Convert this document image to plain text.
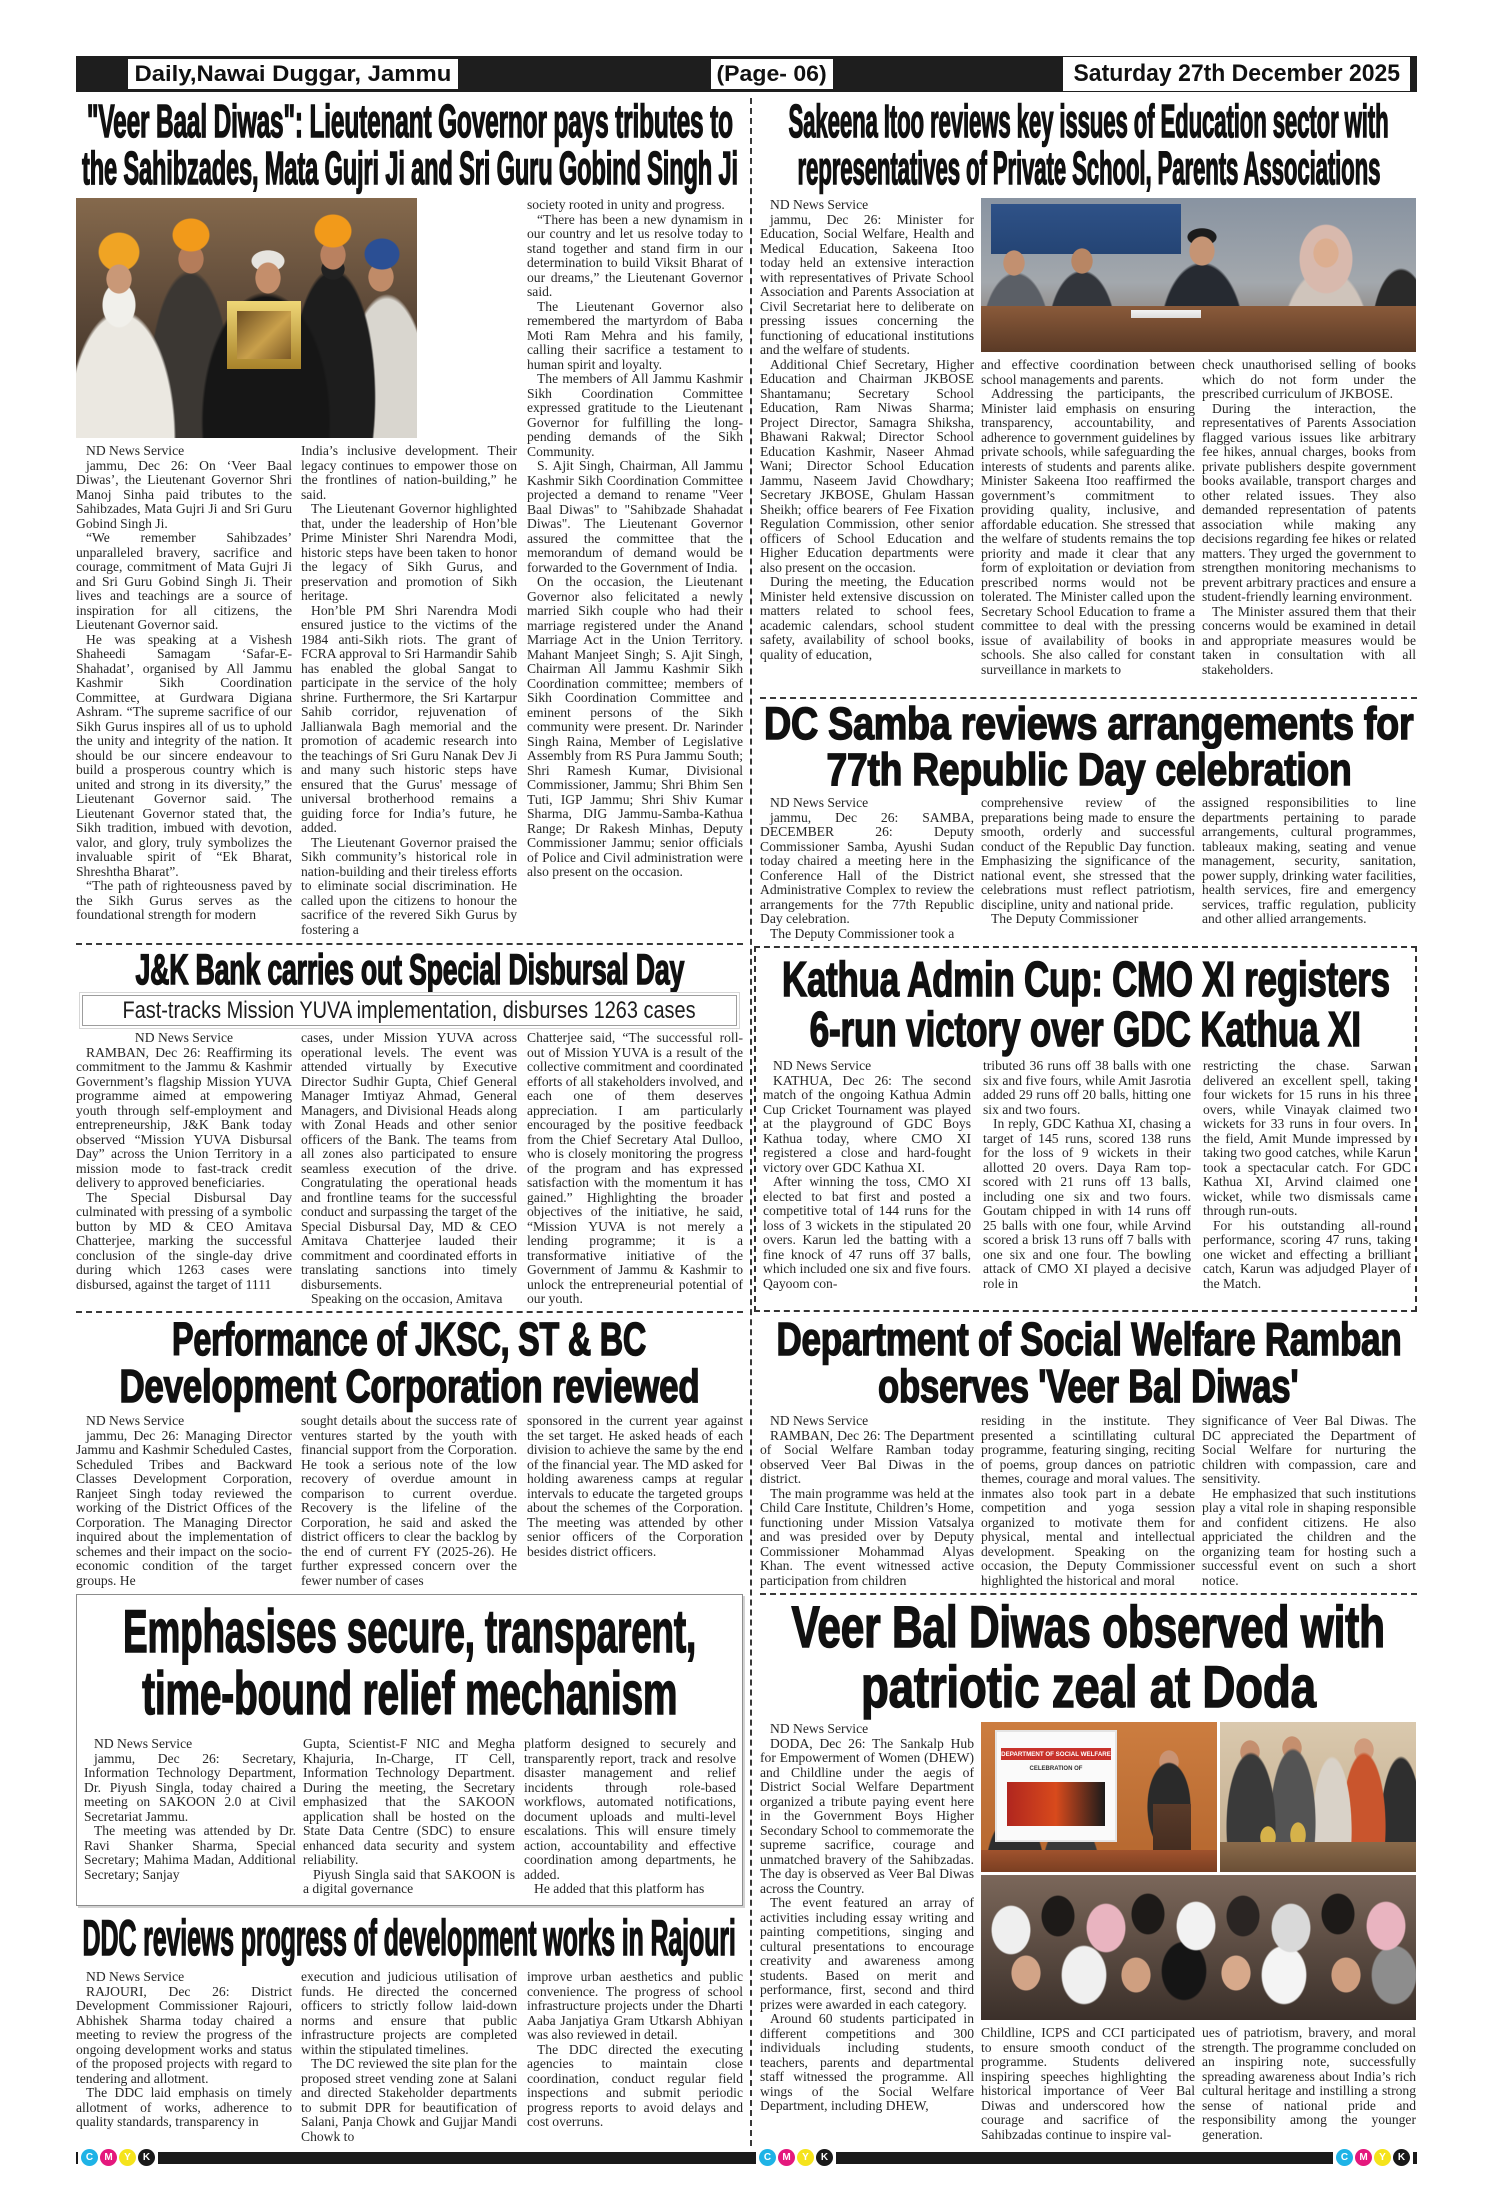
Daily,Nawai Duggar, Jammu	(Page- 06)	Saturday 27th December 2025
"Veer Baal Diwas": Lieutenant Governor pays tributes to
the Sahibzades, Mata Gujri Ji and Sri Guru Gobind Singh Ji
ND News Service

jammu, Dec 26: On ‘Veer Baal Diwas’, the Lieutenant Governor Shri Manoj Sinha paid tributes to the Sahibzades, Mata Gujri Ji and Sri Guru Gobind Singh Ji.

“We remember Sahibzades’ unparalleled bravery, sacrifice and courage, commitment of Mata Gujri Ji and Sri Guru Gobind Singh Ji. Their lives and teachings are a source of inspiration for all citizens, the Lieutenant Governor said.

He was speaking at a Vishesh Shaheedi Samagam ‘Safar-E-Shahadat’, organised by All Jammu Kashmir Sikh Coordination Committee, at Gurdwara Digiana Ashram. “The supreme sacrifice of our Sikh Gurus inspires all of us to uphold the unity and integrity of the nation. It should be our sincere endeavour to build a prosperous country which is united and strong in its diversity,” the Lieutenant Governor said. The Lieutenant Governor stated that, the Sikh tradition, imbued with devotion, valor, and glory, truly symbolizes the invaluable spirit of “Ek Bharat, Shreshtha Bharat”.

“The path of righteousness paved by the Sikh Gurus serves as the foundational strength for modern

India’s inclusive development. Their legacy continues to empower those on the frontlines of nation-building,” he said.

The Lieutenant Governor highlighted that, under the leadership of Hon’ble Prime Minister Shri Narendra Modi, historic steps have been taken to honor the legacy of Sikh Gurus, and preservation and promotion of Sikh heritage.

Hon’ble PM Shri Narendra Modi ensured justice to the victims of the 1984 anti-Sikh riots. The grant of FCRA approval to Sri Harmandir Sahib has enabled the global Sangat to participate in the service of the holy shrine. Furthermore, the Sri Kartarpur Sahib corridor, rejuvenation of Jallianwala Bagh memorial and the promotion of academic research into the teachings of Sri Guru Nanak Dev Ji and many such historic steps have ensured that the Gurus' message of universal brotherhood remains a guiding force for India’s future, he added.

The Lieutenant Governor praised the Sikh community’s historical role in nation-building and their tireless efforts to eliminate social discrimination. He called upon the citizens to honour the sacrifice of the revered Sikh Gurus by fostering a

society rooted in unity and progress.

“There has been a new dynamism in our country and let us resolve today to stand together and stand firm in our determination to build Viksit Bharat of our dreams,” the Lieutenant Governor said.

The Lieutenant Governor also remembered the martyrdom of Baba Moti Ram Mehra and his family, calling their sacrifice a testament to human spirit and loyalty.

The members of All Jammu Kashmir Sikh Coordination Committee expressed gratitude to the Lieutenant Governor for fulfilling the long-pending demands of the Sikh Community.

S. Ajit Singh, Chairman, All Jammu Kashmir Sikh Coordination Committee projected a demand to rename "Veer Baal Diwas" to "Sahibzade Shahadat Diwas". The Lieutenant Governor assured the committee that the memorandum of demand would be forwarded to the Government of India.

On the occasion, the Lieutenant Governor also felicitated a newly married Sikh couple who had their marriage registered under the Anand Marriage Act in the Union Territory. Mahant Manjeet Singh; S. Ajit Singh, Chairman All Jammu Kashmir Sikh Coordination committee; members of Sikh Coordination Committee and eminent persons of the Sikh community were present. Dr. Narinder Singh Raina, Member of Legislative Assembly from RS Pura Jammu South; Shri Ramesh Kumar, Divisional Commissioner, Jammu; Shri Bhim Sen Tuti, IGP Jammu; Shri Shiv Kumar Sharma, DIG Jammu-Samba-Kathua Range; Dr Rakesh Minhas, Deputy Commissioner Jammu; senior officials of Police and Civil administration were also present on the occasion.

Sakeena Itoo reviews key issues of Education sector with
representatives of Private School, Parents Associations
ND News Service

jammu, Dec 26: Minister for Education, Social Welfare, Health and Medical Education, Sakeena Itoo today held an extensive interaction with representatives of Private School Association and Parents Association at Civil Secretariat here to deliberate on pressing issues concerning the functioning of educational institutions and the welfare of students.

Additional Chief Secretary, Higher Education and Chairman JKBOSE Shantamanu; Secretary School Education, Ram Niwas Sharma; Project Director, Samagra Shiksha, Bhawani Rakwal; Director School Education Kashmir, Naseer Ahmad Wani; Director School Education Jammu, Naseem Javid Chowdhary; Secretary JKBOSE, Ghulam Hassan Sheikh; office bearers of Fee Fixation Regulation Commission, other senior officers of School Education and Higher Education departments were also present on the occasion.

During the meeting, the Education Minister held extensive discussion on matters related to school fees, academic calendars, school student safety, availability of school books, quality of education,

and effective coordination between school managements and parents.

Addressing the participants, the Minister laid emphasis on ensuring transparency, accountability, and adherence to government guidelines by private schools, while safeguarding the interests of students and parents alike. Minister Sakeena Itoo reaffirmed the government’s commitment to providing quality, inclusive, and affordable education. She stressed that the welfare of students remains the top priority and made it clear that any form of exploitation or deviation from prescribed norms would not be tolerated. The Minister called upon the Secretary School Education to frame a committee to deal with the pressing issue of availability of books in schools. She also called for constant surveillance in markets to

check unauthorised selling of books which do not form under the prescribed curriculum of JKBOSE.

During the interaction, the representatives of Parents Association flagged various issues like arbitrary fee hikes, annual charges, books from private publishers despite government books available, transport charges and other related issues. They also demanded representation of patents association while making any decisions regarding fee hikes or related matters. They urged the government to strengthen monitoring mechanisms to prevent arbitrary practices and ensure a student-friendly learning environment.

The Minister assured them that their concerns would be examined in detail and appropriate measures would be taken in consultation with all stakeholders.

DC Samba reviews arrangements for
77th Republic Day celebration
ND News Service

jammu, Dec 26: SAMBA, DECEMBER 26: Deputy Commissioner Samba, Ayushi Sudan today chaired a meeting here in the Conference Hall of the District Administrative Complex to review the arrangements for the 77th Republic Day celebration.

The Deputy Commissioner took a

comprehensive review of the preparations being made to ensure the smooth, orderly and successful conduct of the Republic Day function. Emphasizing the significance of the national event, she stressed that the celebrations must reflect patriotism, discipline, unity and national pride.

The Deputy Commissioner

assigned responsibilities to line departments pertaining to parade arrangements, cultural programmes, tableaux making, seating and venue management, security, sanitation, power supply, drinking water facilities, health services, fire and emergency services, traffic regulation, publicity and other allied arrangements.

J&K Bank carries out Special Disbursal Day
Fast-tracks Mission YUVA implementation, disburses 1263 cases
ND News Service

RAMBAN, Dec 26: Reaffirming its commitment to the Jammu & Kashmir Government’s flagship Mission YUVA programme aimed at empowering youth through self-employment and entrepreneurship, J&K Bank today observed “Mission YUVA Disbursal Day” across the Union Territory in a mission mode to fast-track credit delivery to approved beneficiaries.

The Special Disbursal Day culminated with pressing of a symbolic button by MD & CEO Amitava Chatterjee, marking the successful conclusion of the single-day drive during which 1263 cases were disbursed, against the target of 1111

cases, under Mission YUVA across operational levels. The event was attended virtually by Executive Director Sudhir Gupta, Chief General Manager Imtiyaz Ahmad, General Managers, and Divisional Heads along with Zonal Heads and other senior officers of the Bank. The teams from all zones also participated to ensure seamless execution of the drive. Congratulating the operational heads and frontline teams for the successful conduct and surpassing the target of the Special Disbursal Day, MD & CEO Amitava Chatterjee lauded their commitment and coordinated efforts in translating sanctions into timely disbursements.

Speaking on the occasion, Amitava

Chatterjee said, “The successful roll-out of Mission YUVA is a result of the collective commitment and coordinated efforts of all stakeholders involved, and each one of them deserves appreciation. I am particularly encouraged by the positive feedback from the Chief Secretary Atal Dulloo, who is closely monitoring the progress of the program and has expressed satisfaction with the momentum it has gained.” Highlighting the broader objectives of the initiative, he said, “Mission YUVA is not merely a lending programme; it is a transformative initiative of the Government of Jammu & Kashmir to unlock the entrepreneurial potential of our youth.

Kathua Admin Cup: CMO XI registers
6-run victory over GDC Kathua XI
ND News Service

KATHUA, Dec 26: The second match of the ongoing Kathua Admin Cup Cricket Tournament was played at the playground of GDC Boys Kathua today, where CMO XI registered a close and hard-fought victory over GDC Kathua XI.

After winning the toss, CMO XI elected to bat first and posted a competitive total of 144 runs for the loss of 3 wickets in the stipulated 20 overs. Karun led the batting with a fine knock of 47 runs off 37 balls, which included one six and five fours. Qayoom con-

tributed 36 runs off 38 balls with one six and five fours, while Amit Jasrotia added 29 runs off 20 balls, hitting one six and two fours.

In reply, GDC Kathua XI, chasing a target of 145 runs, scored 138 runs for the loss of 9 wickets in their allotted 20 overs. Daya Ram top-scored with 21 runs off 13 balls, including one six and two fours. Goutam chipped in with 14 runs off 25 balls with one four, while Arvind scored a brisk 13 runs off 7 balls with one six and one four. The bowling attack of CMO XI played a decisive role in

restricting the chase. Sarwan delivered an excellent spell, taking four wickets for 15 runs in his three overs, while Vinayak claimed two wickets for 33 runs in four overs. In the field, Amit Munde impressed by taking two good catches, while Karun took a spectacular catch. For GDC Kathua XI, Arvind claimed one wicket, while two dismissals came through run-outs.

For his outstanding all-round performance, scoring 47 runs, taking one wicket and effecting a brilliant catch, Karun was adjudged Player of the Match.

Performance of JKSC, ST & BC
Development Corporation reviewed
ND News Service

jammu, Dec 26: Managing Director Jammu and Kashmir Scheduled Castes, Scheduled Tribes and Backward Classes Development Corporation, Ranjeet Singh today reviewed the working of the District Offices of the Corporation. The Managing Director inquired about the implementation of schemes and their impact on the socio-economic condition of the target groups. He

sought details about the success rate of ventures started by the youth with financial support from the Corporation. He took a serious note of the low recovery of overdue amount in comparison to current overdue. Recovery is the lifeline of the Corporation, he said and asked the district officers to clear the backlog by the end of current FY (2025-26). He further expressed concern over the fewer number of cases

sponsored in the current year against the set target. He asked heads of each division to achieve the same by the end of the financial year. The MD asked for holding awareness camps at regular intervals to educate the targeted groups about the schemes of the Corporation. The meeting was attended by other senior officers of the Corporation besides district officers.

Department of Social Welfare Ramban
observes 'Veer Bal Diwas'
ND News Service

RAMBAN, Dec 26: The Department of Social Welfare Ramban today observed Veer Bal Diwas in the district.

The main programme was held at the Child Care Institute, Children’s Home, functioning under Mission Vatsalya and was presided over by Deputy Commissioner Mohammad Alyas Khan. The event witnessed active participation from children

residing in the institute. They presented a scintillating cultural programme, featuring singing, reciting of poems, group dances on patriotic themes, courage and moral values. The inmates also took part in a debate competition and yoga session organized to motivate them for physical, mental and intellectual development. Speaking on the occasion, the Deputy Commissioner highlighted the historical and moral

significance of Veer Bal Diwas. The DC appreciated the Department of Social Welfare for nurturing the children with compassion, care and sensitivity.

He emphasized that such institutions play a vital role in shaping responsible and confident citizens. He also appriciated the children and the organizing team for hosting such a successful event on such a short notice.

Emphasises secure, transparent,
time-bound relief mechanism
ND News Service

jammu, Dec 26: Secretary, Information Technology Department, Dr. Piyush Singla, today chaired a meeting on SAKOON 2.0 at Civil Secretariat Jammu.

The meeting was attended by Dr. Ravi Shanker Sharma, Special Secretary; Mahima Madan, Additional Secretary; Sanjay

Gupta, Scientist-F NIC and Megha Khajuria, In-Charge, IT Cell, Information Technology Department. During the meeting, the Secretary emphasized that the SAKOON application shall be hosted on the State Data Centre (SDC) to ensure enhanced data security and system reliability.

Piyush Singla said that SAKOON is a digital governance

platform designed to securely and transparently report, track and resolve disaster management and relief incidents through role-based workflows, automated notifications, document uploads and multi-level escalations. This will ensure timely action, accountability and effective coordination among departments, he added.

He added that this platform has

DDC reviews progress of development works in Rajouri
ND News Service

RAJOURI, Dec 26: District Development Commissioner Rajouri, Abhishek Sharma today chaired a meeting to review the progress of the ongoing development works and status of the proposed projects with regard to tendering and allotment.

The DDC laid emphasis on timely allotment of works, adherence to quality standards, transparency in

execution and judicious utilisation of funds. He directed the concerned officers to strictly follow laid-down norms and ensure that public infrastructure projects are completed within the stipulated timelines.

The DC reviewed the site plan for the proposed street vending zone at Salani and directed Stakeholder departments to submit DPR for beautification of Salani, Panja Chowk and Gujjar Mandi Chowk to

improve urban aesthetics and public convenience. The progress of school infrastructure projects under the Dharti Aaba Janjatiya Gram Utkarsh Abhiyan was also reviewed in detail.

The DDC directed the executing agencies to maintain close coordination, conduct regular field inspections and submit periodic progress reports to avoid delays and cost overruns.

Veer Bal Diwas observed with
patriotic zeal at Doda
ND News Service

DODA, Dec 26: The Sankalp Hub for Empowerment of Women (DHEW) and Childline under the aegis of District Social Welfare Department organized a tribute paying event here in the Government Boys Higher Secondary School to commemorate the supreme sacrifice, courage and unmatched bravery of the Sahibzadas. The day is observed as Veer Bal Diwas across the Country.

The event featured an array of activities including essay writing and painting competitions, singing and cultural presentations to encourage creativity and awareness among students. Based on merit and performance, first, second and third prizes were awarded in each category.

Around 60 students participated in different competitions and 300 individuals including students, teachers, parents and departmental staff witnessed the programme. All wings of the Social Welfare Department, including DHEW,

DEPARTMENT OF SOCIAL WELFARE
CELEBRATION OF

Childline, ICPS and CCI participated to ensure smooth conduct of the programme. Students delivered inspiring speeches highlighting the historical importance of Veer Bal Diwas and underscored how the courage and sacrifice of the Sahibzadas continue to inspire val-

ues of patriotism, bravery, and moral strength. The programme concluded on an inspiring note, successfully spreading awareness about India’s rich cultural heritage and instilling a strong sense of national pride and responsibility among the younger generation.

C	M	Y	K	C	M	Y	K	C	M	Y	K
